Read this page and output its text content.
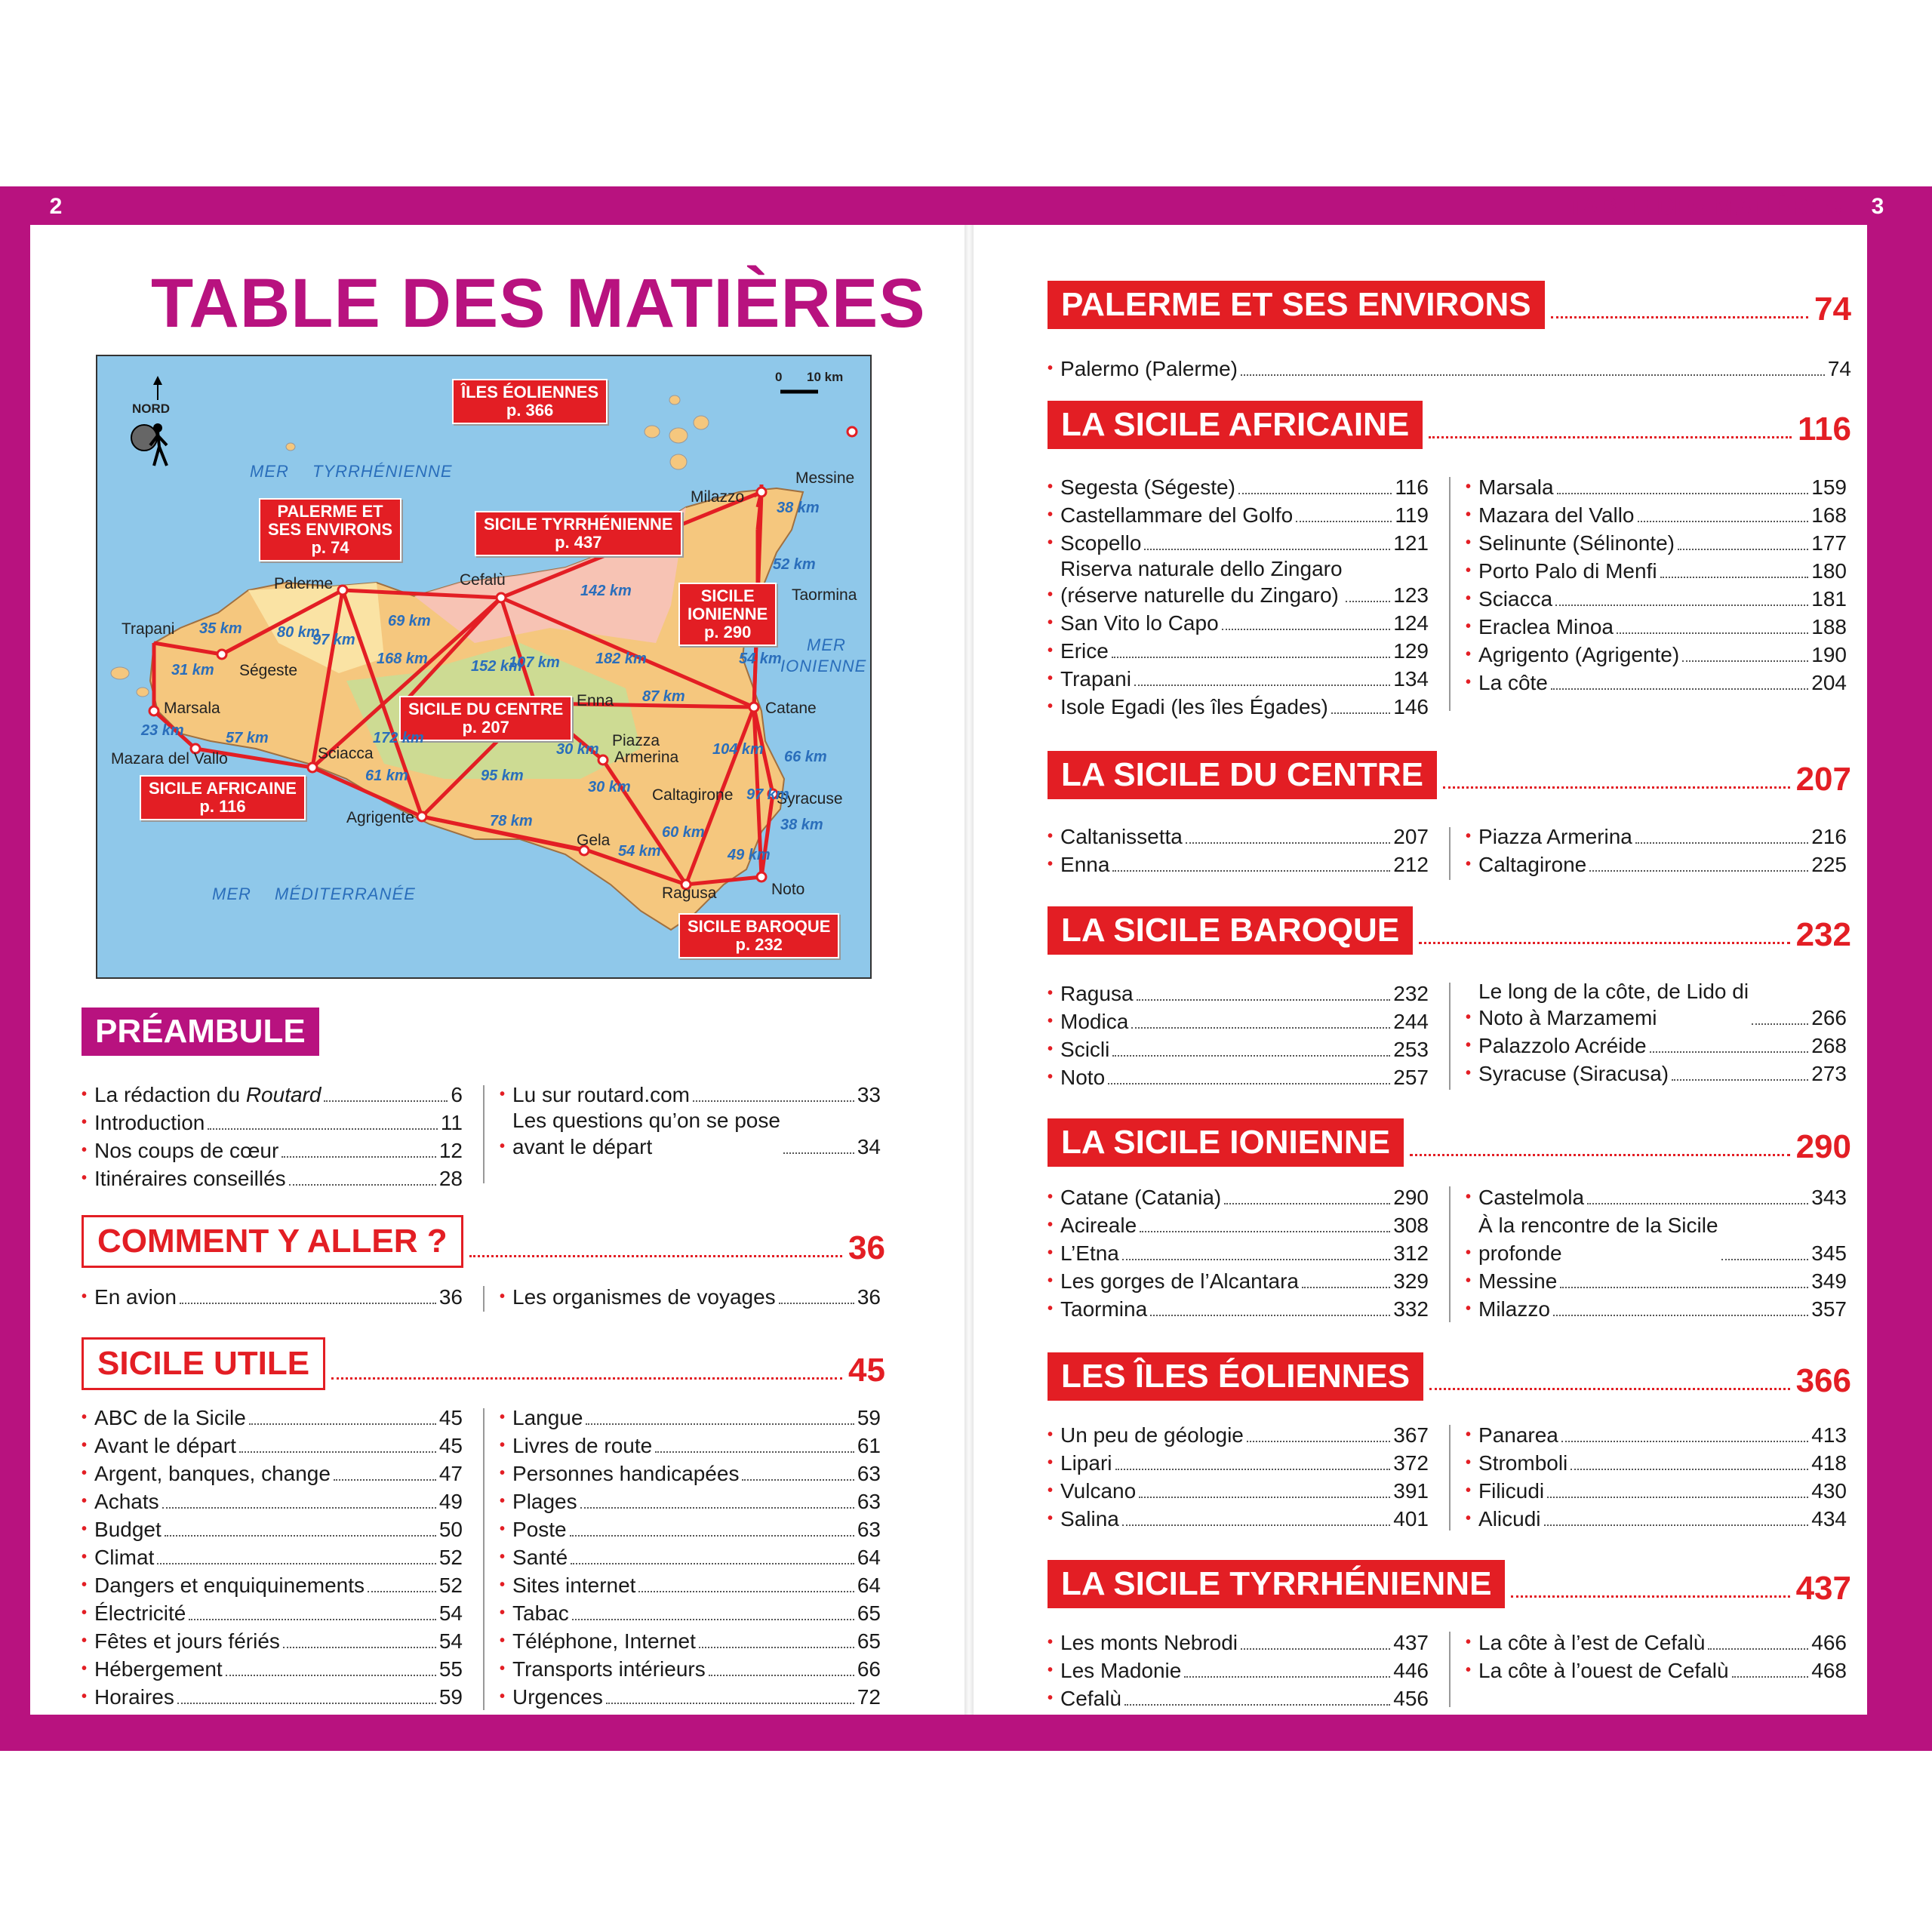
2	TABLE DES MATIÈRES	3
TABLE DES MATIÈRES
NORD
0 10 km
MER TYRRHÉNIENNE
MER MÉDITERRANÉE
MER
IONIENNE
ÎLES ÉOLIENNES
p. 366
PALERME ET
SES ENVIRONS
p. 74
SICILE TYRRHÉNIENNE
p. 437
SICILE
IONIENNE
p. 290
SICILE DU CENTRE
p. 207
SICILE AFRICAINE
p. 116
SICILE BAROQUE
p. 232
Messine
Milazzo
Cefalù
Palerme
Trapani
Ségeste
Marsala
Mazara del Vallo	Sciacca
Agrigente
Enna
Piazza
Armerina
Caltagirone
Catane
Taormina
Syracuse
Gela
Ragusa	Noto
38 km
52 km
142 km
69 km
80 km
97 km
168 km
35 km
31 km
23 km	57 km
152 km
107 km 182 km	54 km
87 km
172 km
61 km	95 km
30 km
30 km
78 km
54 km
60 km
104 km
97 km
66 km
38 km
49 km
PRÉAMBULE
• La rédaction du Routard	6
• Introduction	11
• Nos coups de cœur	12
• Itinéraires conseillés	28
• Lu sur routard.com	33
•
Les questions qu’on se pose
avant le départ	34
COMMENT Y ALLER ?	36
• En avion	36 • Les organismes de voyages	36
SICILE UTILE	45
• ABC de la Sicile	45
• Avant le départ	45
• Argent, banques, change	47
• Achats	49
• Budget	50
• Climat	52
• Dangers et enquiquinements	52
• Électricité	54
• Fêtes et jours fériés	54
• Hébergement	55
• Horaires	59
• Langue	59
• Livres de route	61
• Personnes handicapées	63
• Plages	63
• Poste	63
• Santé	64
• Sites internet	64
• Tabac	65
• Téléphone, Internet	65
• Transports intérieurs	66
• Urgences	72
PALERME ET SES ENVIRONS	74
• Palermo (Palerme)	74
LA SICILE AFRICAINE	116
• Segesta (Ségeste)	116
• Castellammare del Golfo	119
• Scopello	121
•
Riserva naturale dello Zingaro
(réserve naturelle du Zingaro)	123
• San Vito lo Capo	124
• Erice	129
• Trapani	134
• Isole Egadi (les îles Égades)	146
• Marsala	159
• Mazara del Vallo	168
• Selinunte (Sélinonte)	177
• Porto Palo di Menfi	180
• Sciacca	181
• Eraclea Minoa	188
• Agrigento (Agrigente)	190
• La côte	204
LA SICILE DU CENTRE	207
• Caltanissetta	207
• Enna	212
• Piazza Armerina	216
• Caltagirone	225
LA SICILE BAROQUE	232
• Ragusa	232
• Modica	244
• Scicli	253
• Noto	257
•
Le long de la côte, de Lido di
Noto à Marzamemi	266
• Palazzolo Acréide	268
• Syracuse (Siracusa)	273
LA SICILE IONIENNE	290
• Catane (Catania)	290
• Acireale	308
• L’Etna	312
• Les gorges de l’Alcantara	329
• Taormina	332
• Castelmola	343
•
À la rencontre de la Sicile
profonde	345
• Messine	349
• Milazzo	357
LES ÎLES ÉOLIENNES	366
• Un peu de géologie	367
• Lipari	372
• Vulcano	391
• Salina	401
• Panarea	413
• Stromboli	418
• Filicudi	430
• Alicudi	434
LA SICILE TYRRHÉNIENNE	437
• Les monts Nebrodi	437
• Les Madonie	446
• Cefalù	456
• La côte à l’est de Cefalù	466
• La côte à l’ouest de Cefalù	468
